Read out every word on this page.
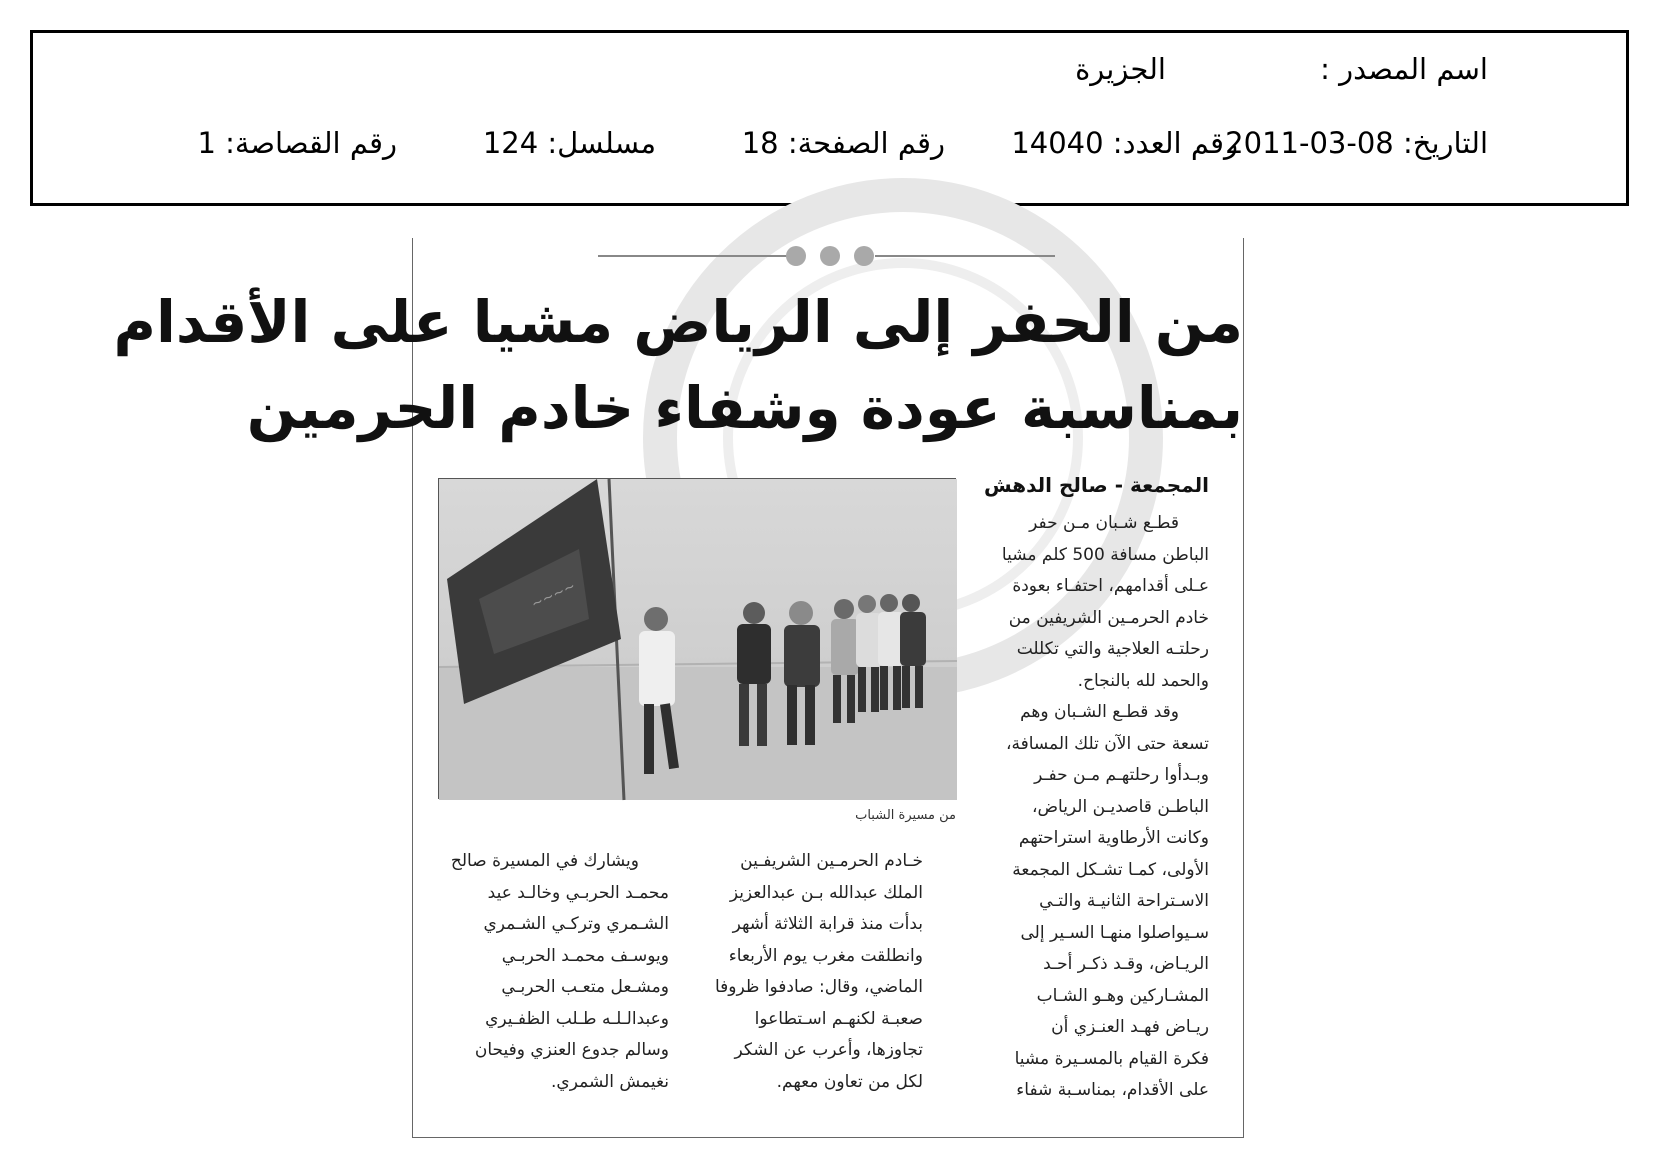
اسم المصدر :
الجزيرة
التاريخ: 08-03-2011
رقم العدد: 14040
رقم الصفحة: 18
مسلسل: 124
رقم القصاصة: 1
من الحفر إلى الرياض مشيا على الأقدام
بمناسبة عودة وشفاء خادم الحرمين
المجمعة - صالح الدهش

قطـع شـبان مـن حفر

الباطن مسافة 500 كلم مشيا

عـلى أقدامهم، احتفـاء بعودة

خادم الحرمـين الشريفين من

رحلتـه العلاجية والتي تكللت

والحمد لله بالنجاح.

وقد قطـع الشـبان وهم

تسعة حتى الآن تلك المسافة،

وبـدأوا رحلتهـم مـن حفـر

الباطـن قاصديـن الرياض،

وكانت الأرطاوية استراحتهم

الأولى، كمـا تشـكل المجمعة

الاسـتراحة الثانيـة والتـي

سـيواصلوا منهـا السـير إلى

الريـاض، وقـد ذكـر أحـد

المشـاركين وهـو الشـاب

ريـاض فهـد العنـزي أن

فكرة القيام بالمسـيرة مشيا

على الأقدام، بمناسـبة شفاء

~~~~
من مسيرة الشباب

خـادم الحرمـين الشريفـين

الملك عبدالله بـن عبدالعزيز

بدأت منذ قرابة الثلاثة أشهر

وانطلقت مغرب يوم الأربعاء

الماضي، وقال: صادفوا ظروفا

صعبـة لكنهـم اسـتطاعوا

تجاوزها، وأعرب عن الشكر

لكل من تعاون معهم.

ويشارك في المسيرة صالح

محمـد الحربـي وخالـد عيد

الشـمري وتركـي الشـمري

ويوسـف محمـد الحربـي

ومشـعل متعـب الحربـي

وعبدالـلـه طـلب الظفـيري

وسالم جدوع العنزي وفيحان

نغيمش الشمري.
